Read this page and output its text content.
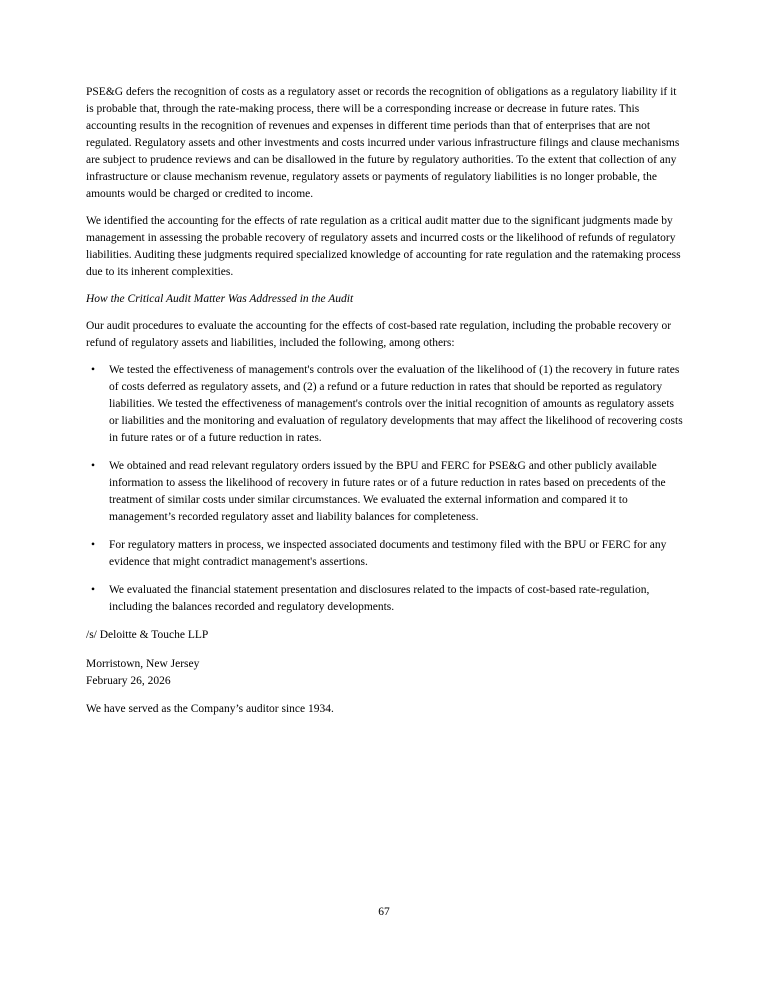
PSE&G defers the recognition of costs as a regulatory asset or records the recognition of obligations as a regulatory liability if it is probable that, through the rate-making process, there will be a corresponding increase or decrease in future rates. This accounting results in the recognition of revenues and expenses in different time periods than that of enterprises that are not regulated. Regulatory assets and other investments and costs incurred under various infrastructure filings and clause mechanisms are subject to prudence reviews and can be disallowed in the future by regulatory authorities. To the extent that collection of any infrastructure or clause mechanism revenue, regulatory assets or payments of regulatory liabilities is no longer probable, the amounts would be charged or credited to income.

We identified the accounting for the effects of rate regulation as a critical audit matter due to the significant judgments made by management in assessing the probable recovery of regulatory assets and incurred costs or the likelihood of refunds of regulatory liabilities. Auditing these judgments required specialized knowledge of accounting for rate regulation and the ratemaking process due to its inherent complexities.

How the Critical Audit Matter Was Addressed in the Audit

Our audit procedures to evaluate the accounting for the effects of cost-based rate regulation, including the probable recovery or refund of regulatory assets and liabilities, included the following, among others:

• We tested the effectiveness of management's controls over the evaluation of the likelihood of (1) the recovery in future rates of costs deferred as regulatory assets, and (2) a refund or a future reduction in rates that should be reported as regulatory liabilities. We tested the effectiveness of management's controls over the initial recognition of amounts as regulatory assets or liabilities and the monitoring and evaluation of regulatory developments that may affect the likelihood of recovering costs in future rates or of a future reduction in rates.
• We obtained and read relevant regulatory orders issued by the BPU and FERC for PSE&G and other publicly available information to assess the likelihood of recovery in future rates or of a future reduction in rates based on precedents of the treatment of similar costs under similar circumstances. We evaluated the external information and compared it to management’s recorded regulatory asset and liability balances for completeness.
• For regulatory matters in process, we inspected associated documents and testimony filed with the BPU or FERC for any evidence that might contradict management's assertions.
• We evaluated the financial statement presentation and disclosures related to the impacts of cost-based rate-regulation, including the balances recorded and regulatory developments.

/s/ Deloitte & Touche LLP

Morristown, New Jersey
February 26, 2026

We have served as the Company’s auditor since 1934.

67
